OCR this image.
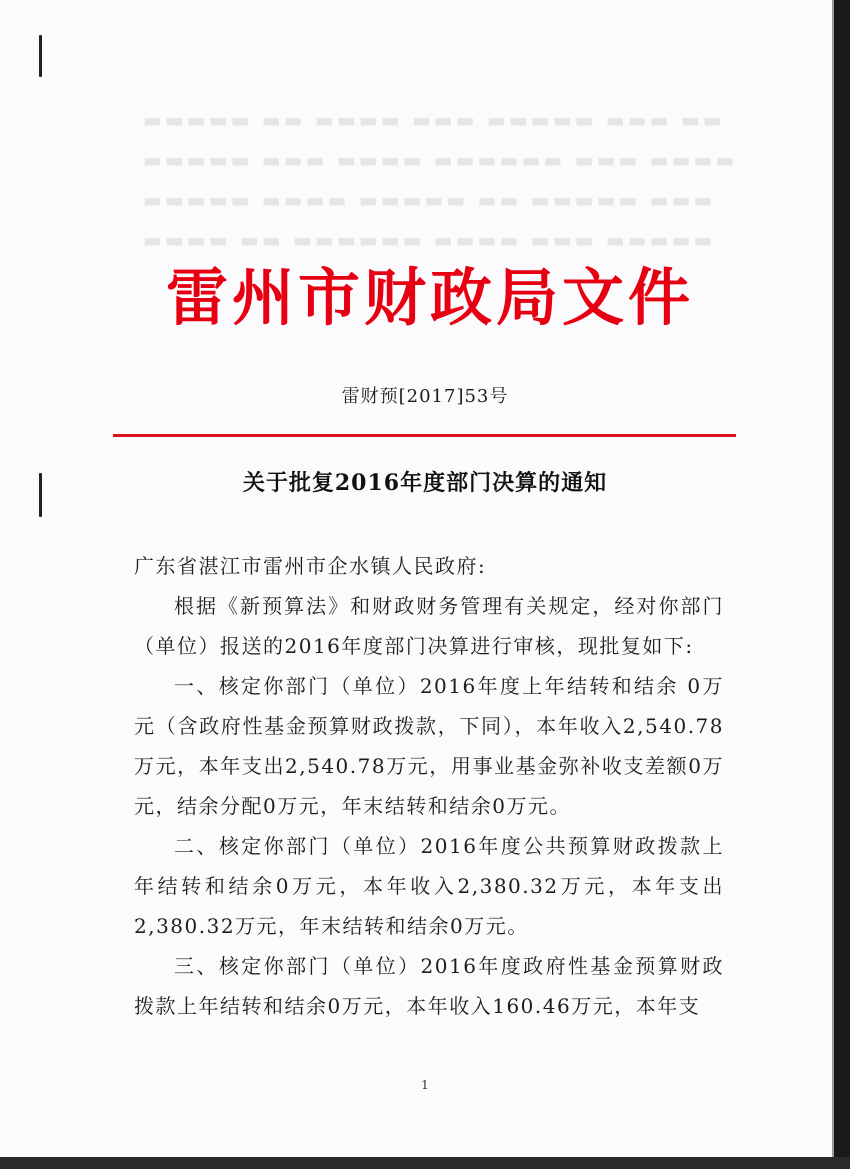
▬▬ ▬▬▬ ▬▬▬▬▬ ▬▬▬ ▬▬▬▬ ▬▬ ▬▬▬▬▬
▬▬▬▬ ▬▬▬ ▬▬▬▬▬▬ ▬▬▬▬ ▬▬▬ ▬▬▬▬▬
▬▬▬ ▬▬▬▬▬ ▬▬ ▬▬▬▬▬ ▬▬▬▬ ▬▬▬▬▬
▬▬▬▬▬ ▬▬▬ ▬▬▬▬ ▬▬▬▬▬▬ ▬▬ ▬▬▬▬
雷州市财政局文件
雷财预[2017]53号
关于批复2016年度部门决算的通知

广东省湛江市雷州市企水镇人民政府:

根据《新预算法》和财政财务管理有关规定，经对你部门（单位）报送的2016年度部门决算进行审核，现批复如下:

一、核定你部门（单位）2016年度上年结转和结余 0万元（含政府性基金预算财政拨款，下同），本年收入2,540.78万元，本年支出2,540.78万元，用事业基金弥补收支差额0万元，结余分配0万元，年末结转和结余0万元。

二、核定你部门（单位）2016年度公共预算财政拨款上年结转和结余0万元，本年收入2,380.32万元，本年支出2,380.32万元，年末结转和结余0万元。

三、核定你部门（单位）2016年度政府性基金预算财政拨款上年结转和结余0万元，本年收入160.46万元，本年支

1
